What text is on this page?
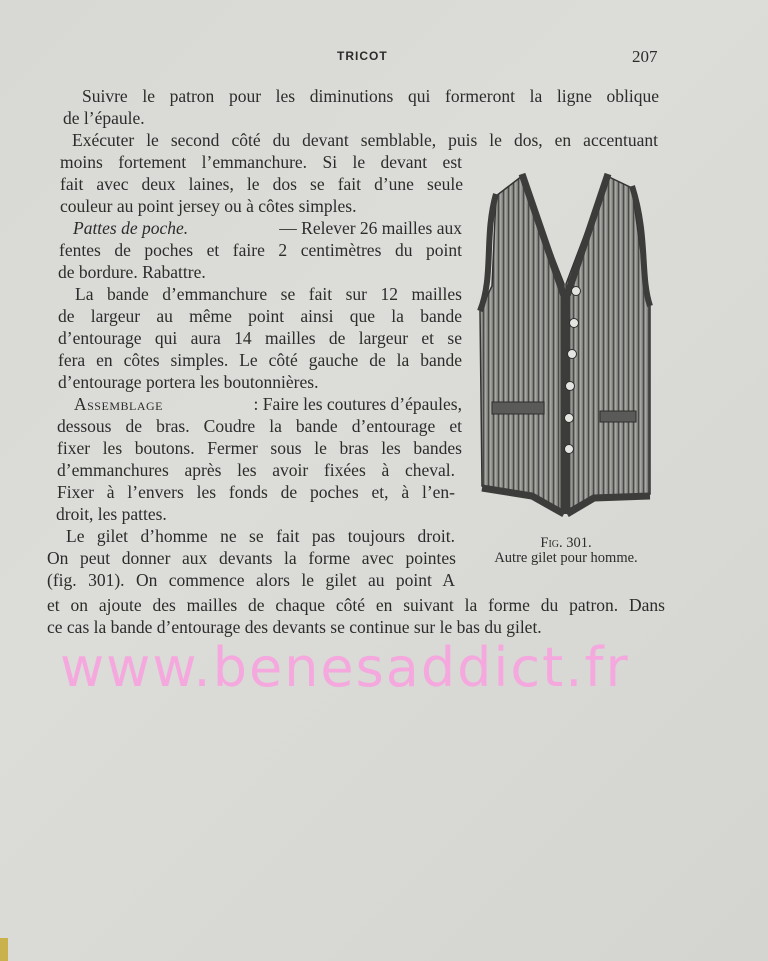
TRICOT	207

Suivre le patron pour les diminutions qui formeront la ligne oblique

de l’épaule.

Exécuter le second côté du devant semblable, puis le dos, en accentuant

moins fortement l’emmanchure. Si le devant est

fait avec deux laines, le dos se fait d’une seule

couleur au point jersey ou à côtes simples.

Pattes de poche.	— Relever 26 mailles aux

fentes de poches et faire 2 centimètres du point

de bordure. Rabattre.

La bande d’emmanchure se fait sur 12 mailles

de largeur au même point ainsi que la bande

d’entourage qui aura 14 mailles de largeur et se

fera en côtes simples. Le côté gauche de la bande

d’entourage portera les boutonnières.

Assemblage	: Faire les coutures d’épaules,

dessous de bras. Coudre la bande d’entourage et

fixer les boutons. Fermer sous le bras les bandes

d’emmanchures après les avoir fixées à cheval.

Fixer à l’envers les fonds de poches et, à l’en-

droit, les pattes.

Le gilet d’homme ne se fait pas toujours droit.

On peut donner aux devants la forme avec pointes

(fig. 301). On commence alors le gilet au point A

et on ajoute des mailles de chaque côté en suivant la forme du patron. Dans

ce cas la bande d’entourage des devants se continue sur le bas du gilet.

Fig. 301.
Autre gilet pour homme.
www.benesaddict.fr
